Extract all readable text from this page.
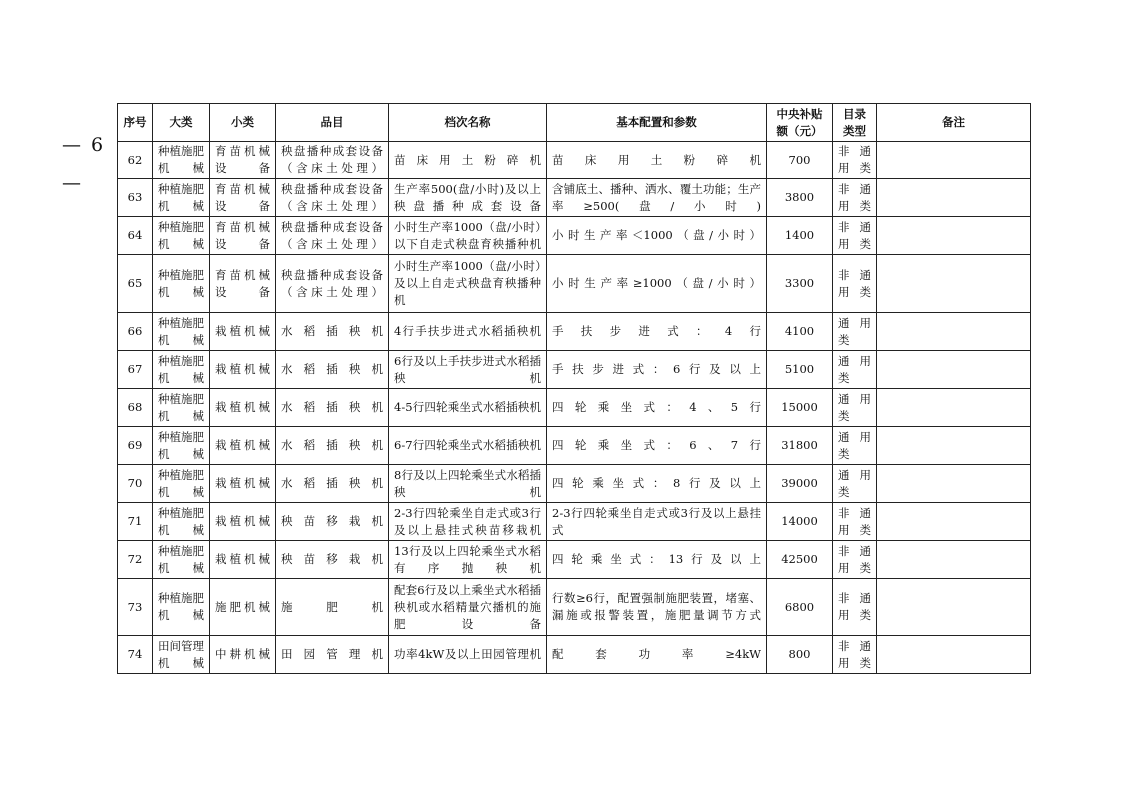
— 6
—
序号	大类	小类	品目	档次名称	基本配置和参数	中央补贴额（元）	目录类型	备注
62	种植施肥机械	育苗机械设备	秧盘播种成套设备（含床土处理）	苗床用土粉碎机	苗床用土粉碎机	700	非通用类	
63	种植施肥机械	育苗机械设备	秧盘播种成套设备（含床土处理）	生产率500(盘/小时)及以上秧盘播种成套设备	含铺底土、播种、洒水、覆土功能；生产率≥500(盘/小时)	3800	非通用类	
64	种植施肥机械	育苗机械设备	秧盘播种成套设备（含床土处理）	小时生产率1000（盘/小时）以下自走式秧盘育秧播种机	小时生产率＜1000（盘/小时）	1400	非通用类	
65	种植施肥机械	育苗机械设备	秧盘播种成套设备（含床土处理）	小时生产率1000（盘/小时）及以上自走式秧盘育秧播种机	小时生产率≥1000（盘/小时）	3300	非通用类	
66	种植施肥机械	栽植机械	水稻插秧机	4行手扶步进式水稻插秧机	手扶步进式：4行	4100	通用类	
67	种植施肥机械	栽植机械	水稻插秧机	6行及以上手扶步进式水稻插秧机	手扶步进式：6行及以上	5100	通用类	
68	种植施肥机械	栽植机械	水稻插秧机	4-5行四轮乘坐式水稻插秧机	四轮乘坐式：4、5行	15000	通用类	
69	种植施肥机械	栽植机械	水稻插秧机	6-7行四轮乘坐式水稻插秧机	四轮乘坐式：6、7行	31800	通用类	
70	种植施肥机械	栽植机械	水稻插秧机	8行及以上四轮乘坐式水稻插秧机	四轮乘坐式：8行及以上	39000	通用类	
71	种植施肥机械	栽植机械	秧苗移栽机	2-3行四轮乘坐自走式或3行及以上悬挂式秧苗移栽机	2-3行四轮乘坐自走式或3行及以上悬挂式	14000	非通用类	
72	种植施肥机械	栽植机械	秧苗移栽机	13行及以上四轮乘坐式水稻有序抛秧机	四轮乘坐式：13行及以上	42500	非通用类	
73	种植施肥机械	施肥机械	施肥机	配套6行及以上乘坐式水稻插秧机或水稻精量穴播机的施肥设备	行数≥6行，配置强制施肥装置，堵塞、漏施或报警装置，施肥量调节方式	6800	非通用类	
74	田间管理机械	中耕机械	田园管理机	功率4kW及以上田园管理机	配套功率≥4kW	800	非通用类	
